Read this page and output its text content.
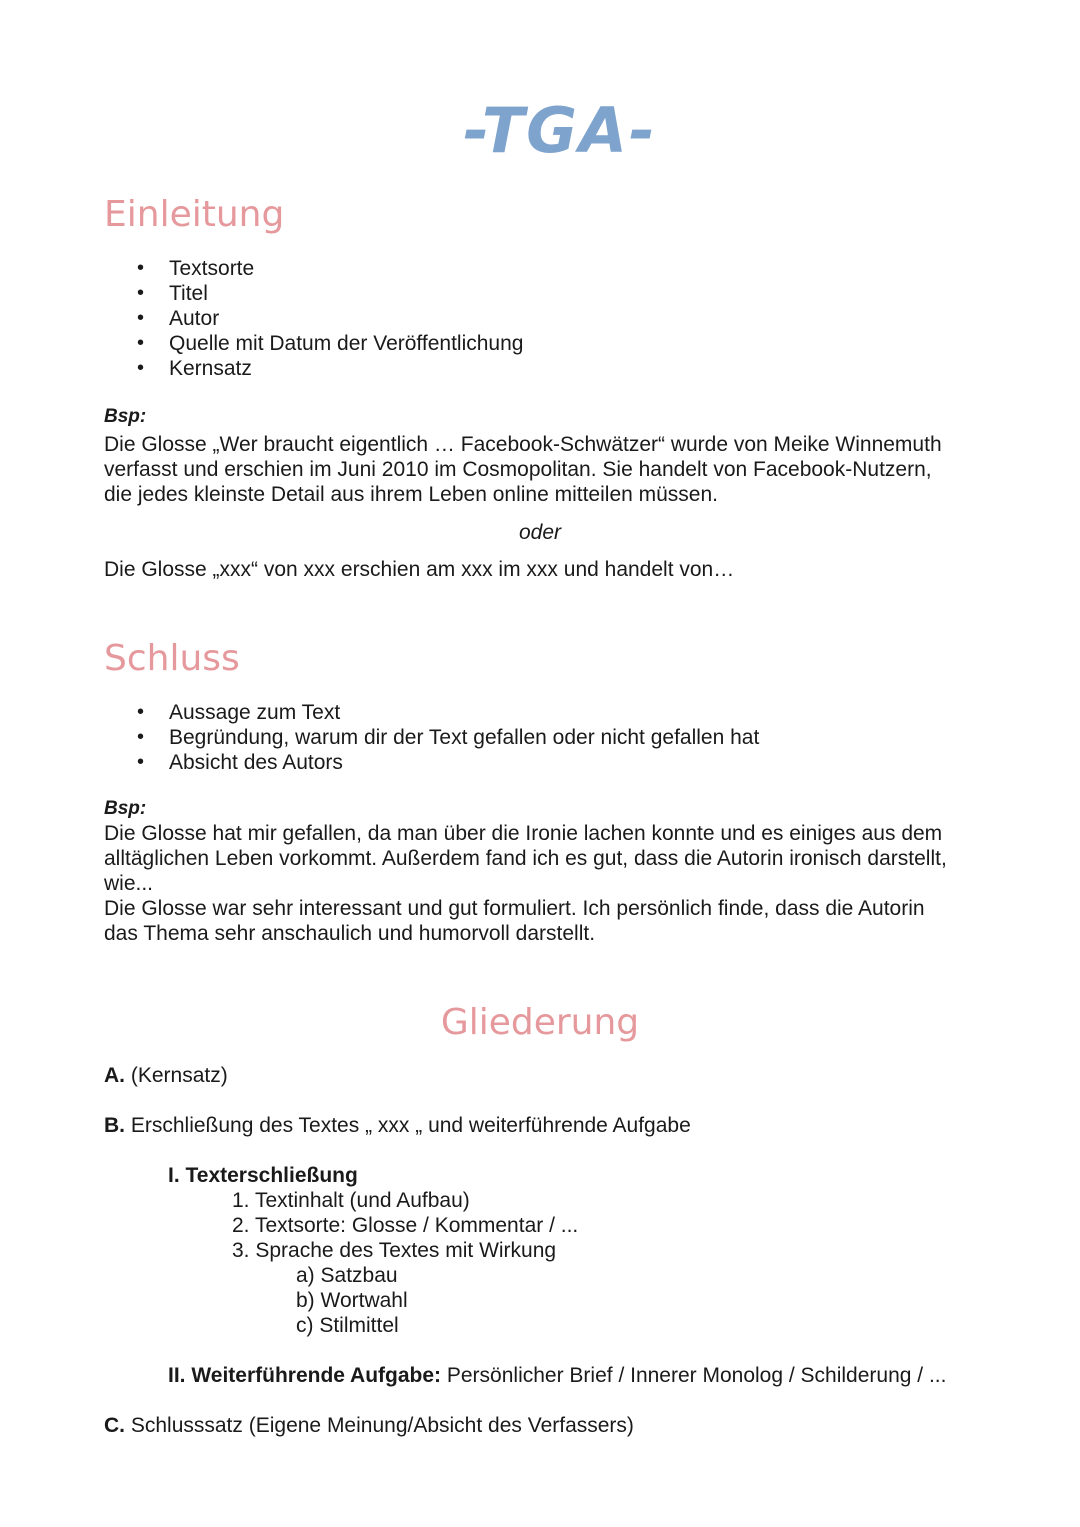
-TGA-
Einleitung
• Textsorte
• Titel
• Autor
• Quelle mit Datum der Veröffentlichung
• Kernsatz
Bsp:
Die Glosse „Wer braucht eigentlich … Facebook-Schwätzer“ wurde von Meike Winnemuth
verfasst und erschien im Juni 2010 im Cosmopolitan. Sie handelt von Facebook-Nutzern,
die jedes kleinste Detail aus ihrem Leben online mitteilen müssen.
oder
Die Glosse „xxx“ von xxx erschien am xxx im xxx und handelt von…
Schluss
• Aussage zum Text
• Begründung, warum dir der Text gefallen oder nicht gefallen hat
• Absicht des Autors
Bsp:
Die Glosse hat mir gefallen, da man über die Ironie lachen konnte und es einiges aus dem
alltäglichen Leben vorkommt. Außerdem fand ich es gut, dass die Autorin ironisch darstellt,
wie...
Die Glosse war sehr interessant und gut formuliert. Ich persönlich finde, dass die Autorin
das Thema sehr anschaulich und humorvoll darstellt.
Gliederung
A. (Kernsatz)
B. Erschließung des Textes „ xxx „ und weiterführende Aufgabe
I. Texterschließung
1. Textinhalt (und Aufbau)
2. Textsorte: Glosse / Kommentar / ...
3. Sprache des Textes mit Wirkung
a) Satzbau
b) Wortwahl
c) Stilmittel
II. Weiterführende Aufgabe: Persönlicher Brief / Innerer Monolog / Schilderung / ...
C. Schlusssatz (Eigene Meinung/Absicht des Verfassers)
